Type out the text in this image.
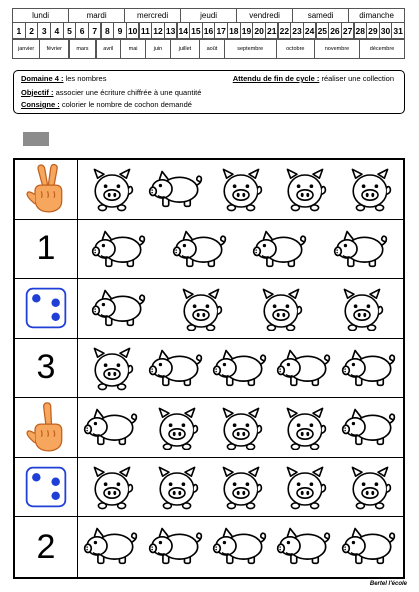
lundi	mardi	mercredi	jeudi	vendredi	samedi	dimanche
1 2 3 4 5 6 7 8 9 10 11 12 13 14 15 16 17 18 19 20 21 22 23 24 25 26 27 28 29 30 31
janvier	février	mars	avril	mai	juin	juillet	août	septembre	octobre	novembre	décembre
Domaine 4 : les nombres	Attendu de fin de cycle : réaliser une collection
Objectif : associer une écriture chiffrée à une quantité
Consigne : colorier le nombre de cochon demandé
1
3
2
Bertel l'école
